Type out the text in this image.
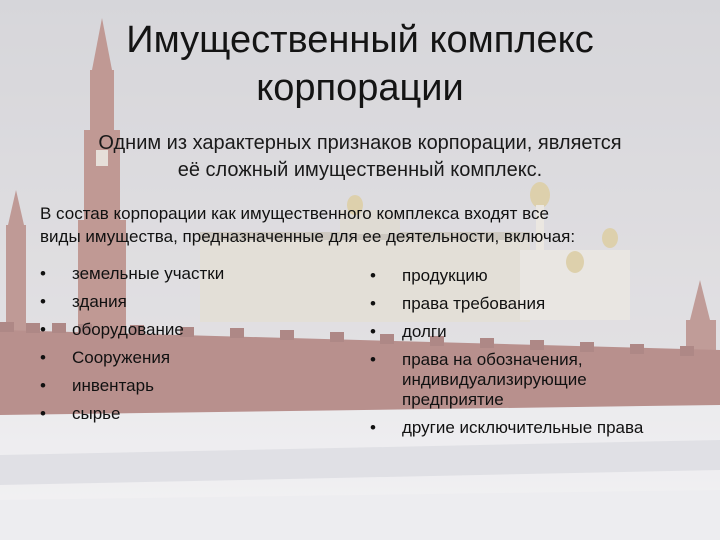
Имущественный комплекс
корпорации

Одним из характерных признаков корпорации, является
её сложный имущественный комплекс.

В состав корпорации как имущественного комплекса входят все
виды имущества, предназначенные для ее деятельности, включая:

• земельные участки
• здания
• оборудование
• Сооружения
• инвентарь
• сырье
• продукцию
• права требования
• долги
• права на обозначения, индивидуализирующие предприятие
• другие исключительные права
